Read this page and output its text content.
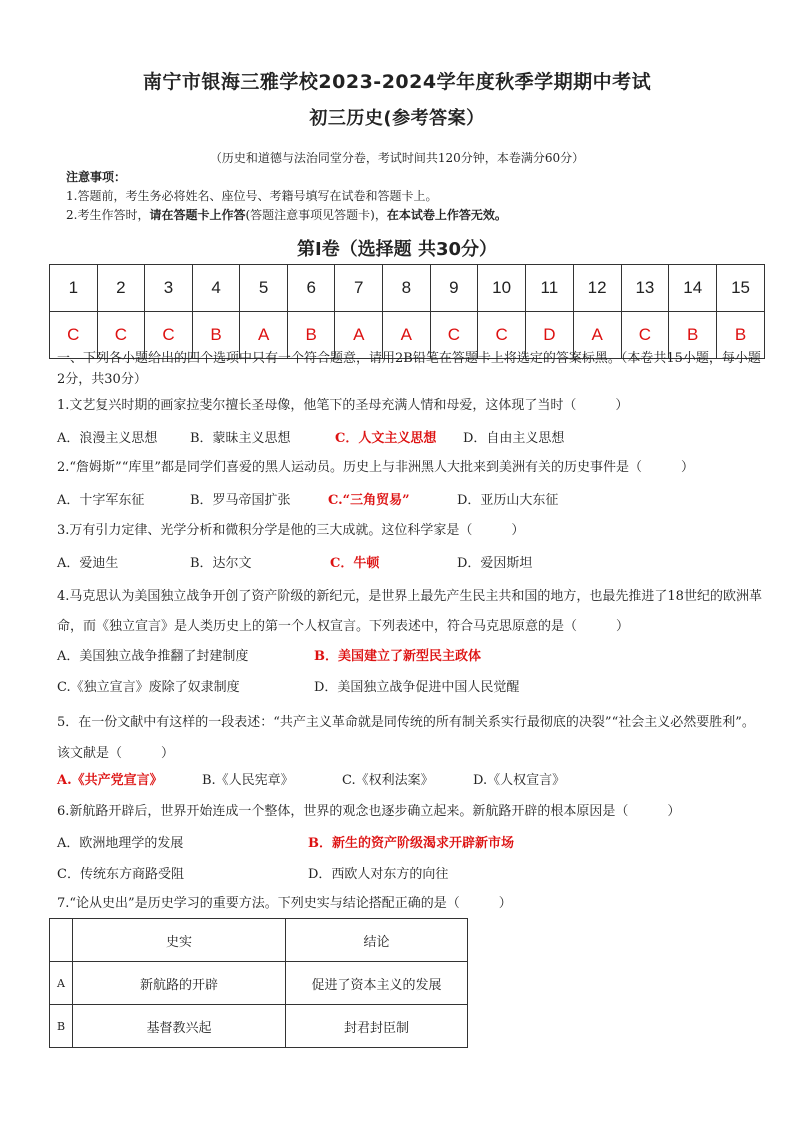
南宁市银海三雅学校2023-2024学年度秋季学期期中考试
初三历史(参考答案）
（历史和道德与法治同堂分卷，考试时间共120分钟，本卷满分60分）
注意事项：
1.答题前，考生务必将姓名、座位号、考籍号填写在试卷和答题卡上。
2.考生作答时，请在答题卡上作答(答题注意事项见答题卡)，在本试卷上作答无效。
第Ⅰ卷（选择题 共30分）
1	2	3	4	5	6	7	8	9	10	11	12	13	14	15
C	C	C	B	A	B	A	A	C	C	D	A	C	B	B
一、下列各小题给出的四个选项中只有一个符合题意，请用2B铅笔在答题卡上将选定的答案标黑。（本卷共15小题，每小题2分，共30分）
1.文艺复兴时期的画家拉斐尔擅长圣母像，他笔下的圣母充满人情和母爱，这体现了当时（　　　）
A．浪漫主义思想	B．蒙昧主义思想	C．人文主义思想 D．自由主义思想
2.“詹姆斯”“库里”都是同学们喜爱的黑人运动员。历史上与非洲黑人大批来到美洲有关的历史事件是（　　　）
A．十字军东征	B．罗马帝国扩张	C.“三角贸易”	D．亚历山大东征
3.万有引力定律、光学分析和微积分学是他的三大成就。这位科学家是（　　　）
A．爱迪生	B．达尔文	C．牛顿	D．爱因斯坦
4.马克思认为美国独立战争开创了资产阶级的新纪元，是世界上最先产生民主共和国的地方，也最先推进了18世纪的欧洲革命，而《独立宣言》是人类历史上的第一个人权宣言。下列表述中，符合马克思原意的是（　　　）
A．美国独立战争推翻了封建制度	B．美国建立了新型民主政体
C.《独立宣言》废除了奴隶制度	D．美国独立战争促进中国人民觉醒
5．在一份文献中有这样的一段表述：“共产主义革命就是同传统的所有制关系实行最彻底的决裂”“社会主义必然要胜利”。该文献是（　　　）
A.《共产党宣言》	B.《人民宪章》	C.《权利法案》	D.《人权宣言》
6.新航路开辟后，世界开始连成一个整体，世界的观念也逐步确立起来。新航路开辟的根本原因是（　　　）
A．欧洲地理学的发展	B．新生的资产阶级渴求开辟新市场
C．传统东方商路受阻	D．西欧人对东方的向往
7.“论从史出”是历史学习的重要方法。下列史实与结论搭配正确的是（　　　）
	史实	结论
A	新航路的开辟	促进了资本主义的发展
B	基督教兴起	封君封臣制
